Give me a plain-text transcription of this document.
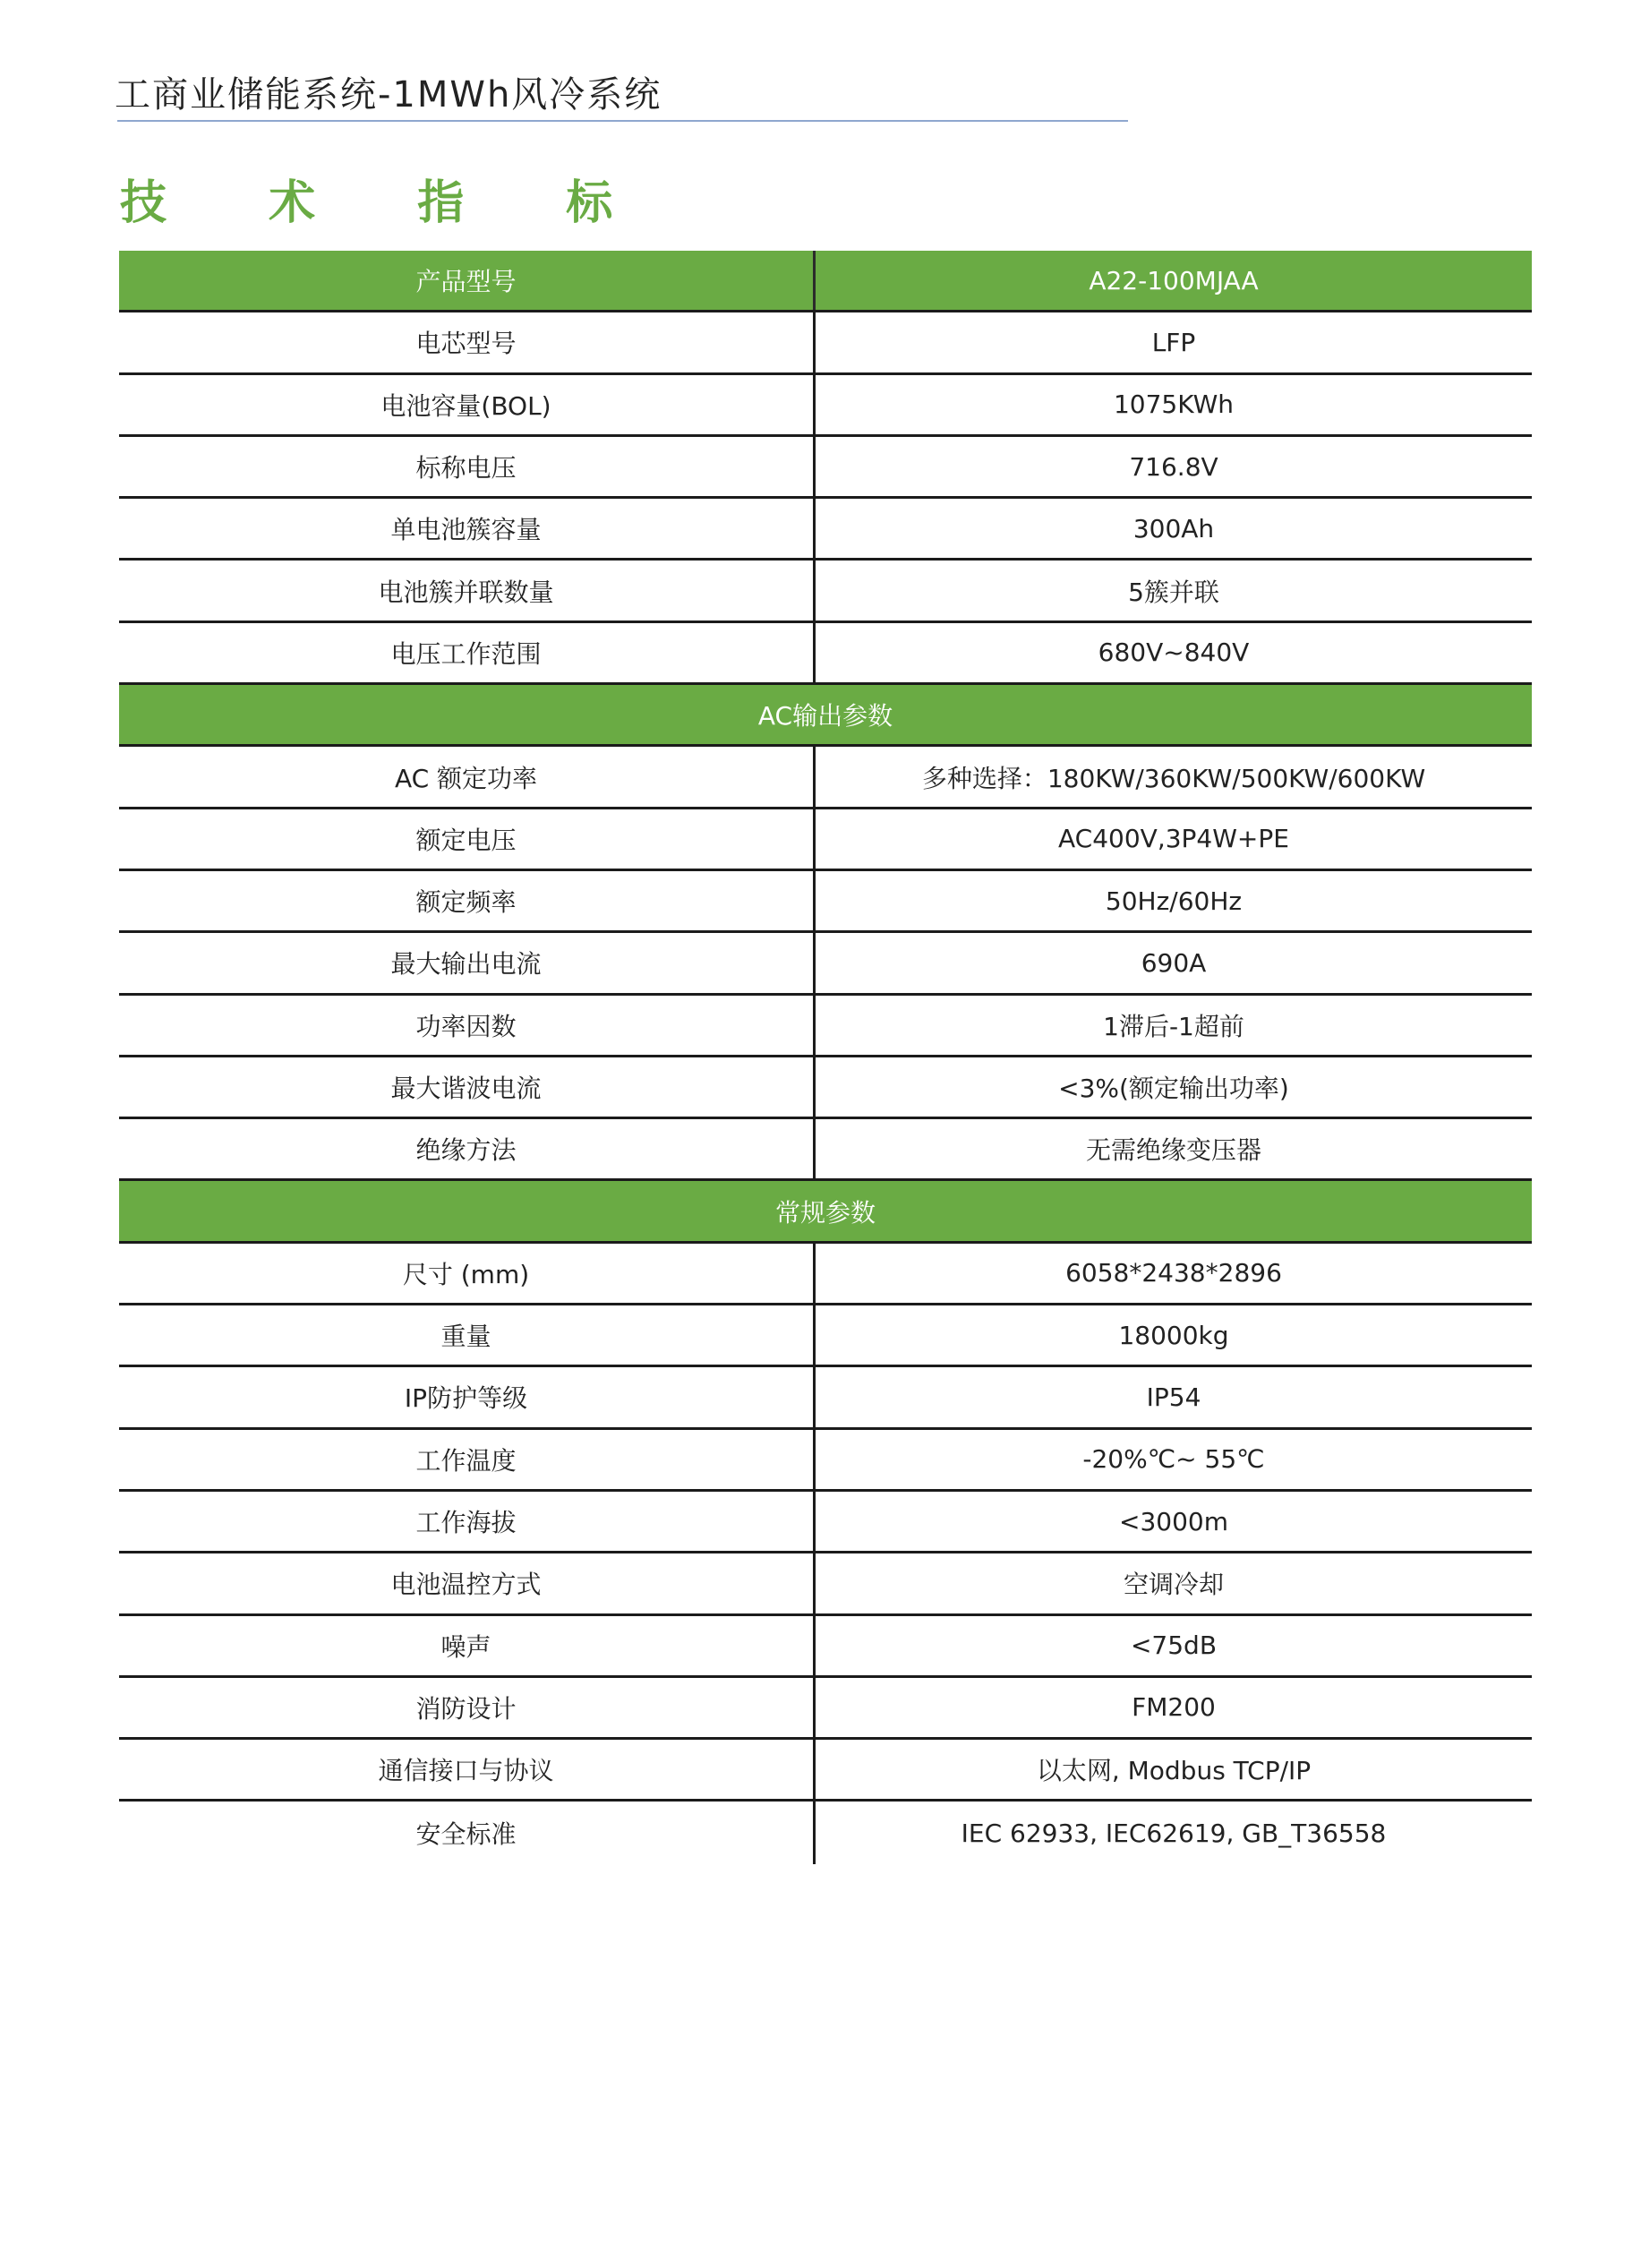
工商业储能系统-1MWh风冷系统
技 术 指 标
产品型号	A22-100MJAA
电芯型号	LFP
电池容量(BOL)	1075KWh
标称电压	716.8V
单电池簇容量	300Ah
电池簇并联数量	5簇并联
电压工作范围	680V~840V
AC输出参数
AC 额定功率	多种选择：180KW/360KW/500KW/600KW
额定电压	AC400V,3P4W+PE
额定频率	50Hz/60Hz
最大输出电流	690A
功率因数	1滞后-1超前
最大谐波电流	<3%(额定输出功率)
绝缘方法	无需绝缘变压器
常规参数
尺寸 (mm)	6058*2438*2896
重量	18000kg
IP防护等级	IP54
工作温度	-20%℃~ 55℃
工作海拔	<3000m
电池温控方式	空调冷却
噪声	<75dB
消防设计	FM200
通信接口与协议	以太网, Modbus TCP/IP
安全标准	IEC 62933, IEC62619, GB_T36558
